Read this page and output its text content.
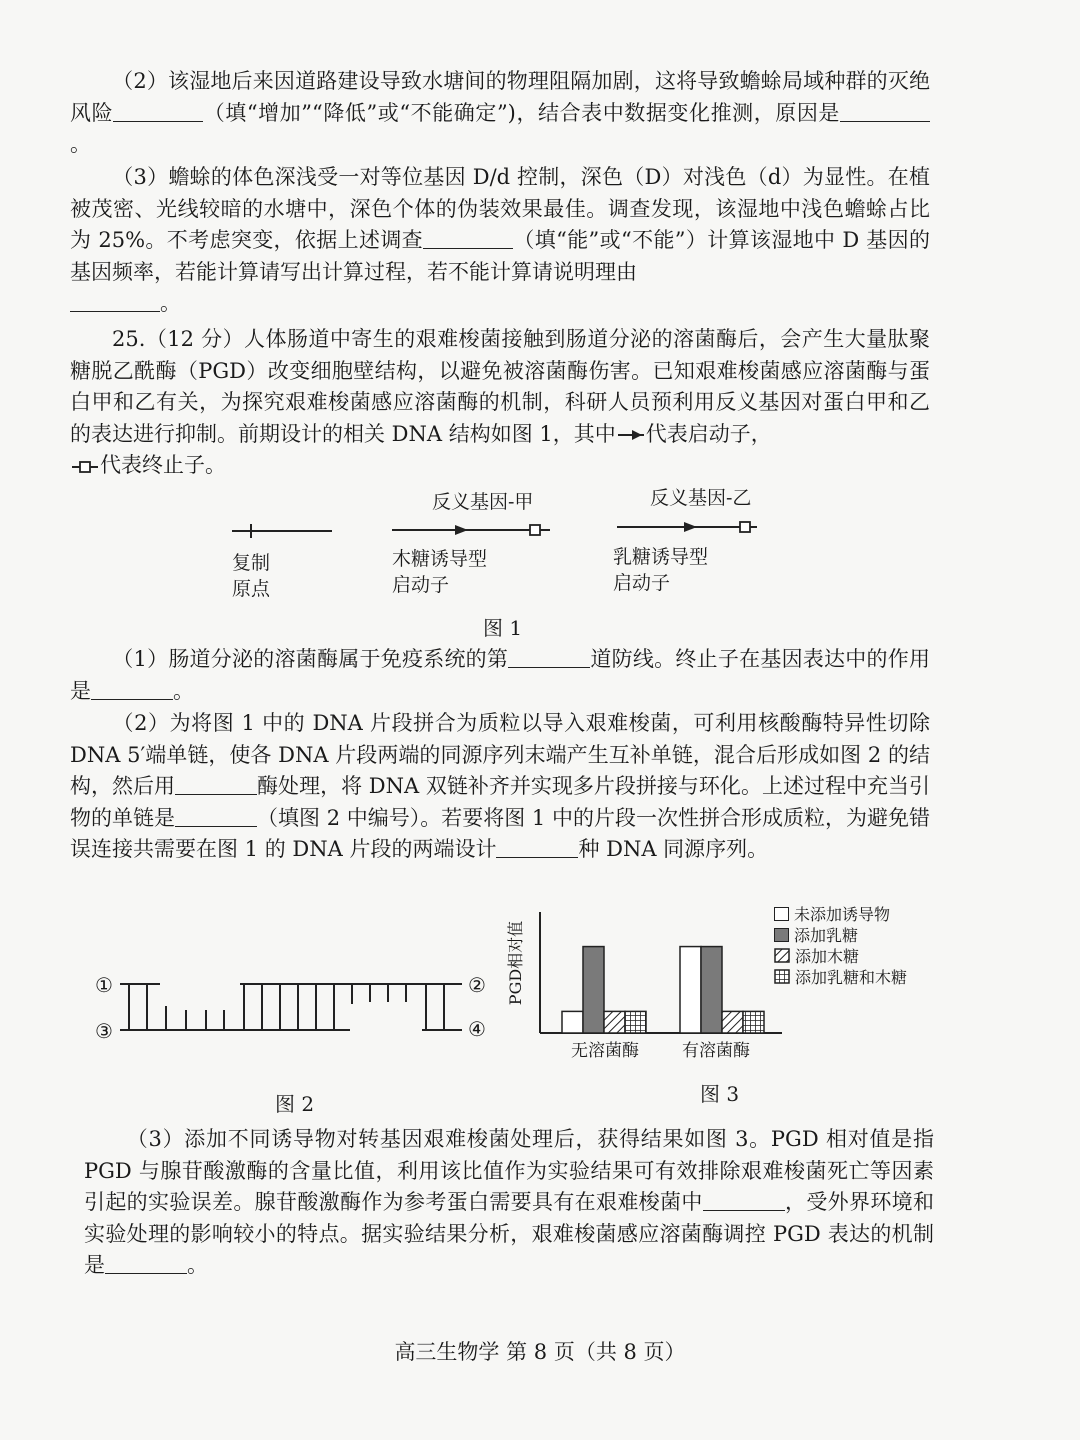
（2）该湿地后来因道路建设导致水塘间的物理阻隔加剧，这将导致蟾蜍局域种群的灭绝风险	（填“增加”“降低”或“不能确定”)，结合表中数据变化推测，原因是。

（3）蟾蜍的体色深浅受一对等位基因 D/d 控制，深色（D）对浅色（d）为显性。在植被茂密、光线较暗的水塘中，深色个体的伪装效果最佳。调查发现，该湿地中浅色蟾蜍占比为 25%。不考虑突变，依据上述调查	（填“能”或“不能”）计算该湿地中 D 基因的基因频率，若能计算请写出计算过程，若不能计算请说明理由
。

25.（12 分）人体肠道中寄生的艰难梭菌接触到肠道分泌的溶菌酶后，会产生大量肽聚糖脱乙酰酶（PGD）改变细胞壁结构，以避免被溶菌酶伤害。已知艰难梭菌感应溶菌酶与蛋白甲和乙有关，为探究艰难梭菌感应溶菌酶的机制，科研人员预利用反义基因对蛋白甲和乙的表达进行抑制。前期设计的相关 DNA 结构如图 1，其中 代表启动子，
代表终止子。

反义基因-甲	反义基因-乙
复制
原点
木糖诱导型
启动子
乳糖诱导型
启动子
图 1

（1）肠道分泌的溶菌酶属于免疫系统的第	道防线。终止子在基因表达中的作用是	。

（2）为将图 1 中的 DNA 片段拼合为质粒以导入艰难梭菌，可利用核酸酶特异性切除 DNA 5′端单链，使各 DNA 片段两端的同源序列末端产生互补单链，混合后形成如图 2 的结构，然后用	酶处理，将 DNA 双链补齐并实现多片段拼接与环化。上述过程中充当引物的单链是	（填图 2 中编号）。若要将图 1 中的片段一次性拼合形成质粒，为避免错误连接共需要在图 1 的 DNA 片段的两端设计	种 DNA 同源序列。

①
③
②
④
图 2
PGD相对值
无溶菌酶	有溶菌酶
未添加诱导物
添加乳糖
添加木糖
添加乳糖和木糖
图 3

（3）添加不同诱导物对转基因艰难梭菌处理后，获得结果如图 3。PGD 相对值是指 PGD 与腺苷酸激酶的含量比值，利用该比值作为实验结果可有效排除艰难梭菌死亡等因素引起的实验误差。腺苷酸激酶作为参考蛋白需要具有在艰难梭菌中	，受外界环境和实验处理的影响较小的特点。据实验结果分析，艰难梭菌感应溶菌酶调控 PGD 表达的机制是	。

高三生物学 第 8 页（共 8 页）
